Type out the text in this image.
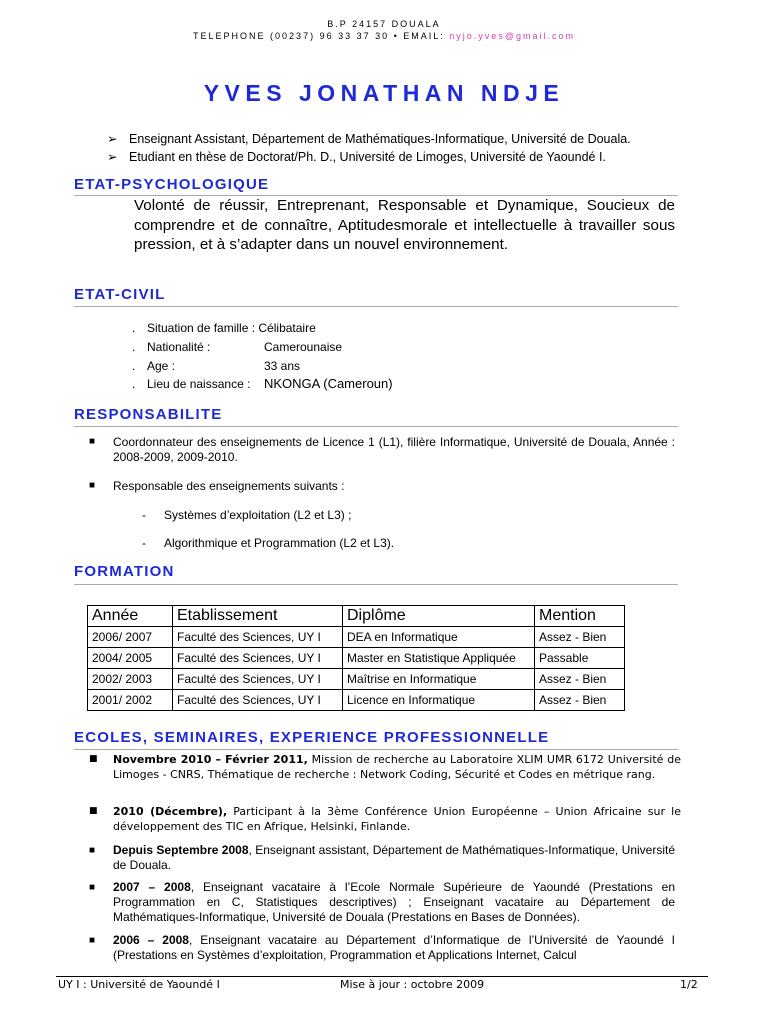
B.P 24157 DOUALA
TELEPHONE (00237) 96 33 37 30 • EMAIL: nyjo.yves@gmail.com
YVES JONATHAN NDJE
➢ Enseignant Assistant, Département de Mathématiques-Informatique, Université de Douala.
➢ Etudiant en thèse de Doctorat/Ph. D., Université de Limoges, Université de Yaoundé I.
ETAT-PSYCHOLOGIQUE
Volonté de réussir, Entreprenant, Responsable et Dynamique, Soucieux de comprendre et de connaître, Aptitudesmorale et intellectuelle à travailler sous pression, et à s’adapter dans un nouvel environnement.
ETAT-CIVIL
. Situation de famille : Célibataire
. Nationalité :	Camerounaise
. Age :	33 ans
. Lieu de naissance : NKONGA (Cameroun)
RESPONSABILITE
■ Coordonnateur des enseignements de Licence 1 (L1), filière Informatique, Université de Douala, Année : 2008-2009, 2009-2010.
■ Responsable des enseignements suivants :
- Systèmes d’exploitation (L2 et L3) ;
- Algorithmique et Programmation (L2 et L3).
FORMATION
Année	Etablissement	Diplôme	Mention
2006/ 2007	Faculté des Sciences, UY I	DEA en Informatique	Assez - Bien
2004/ 2005	Faculté des Sciences, UY I	Master en Statistique Appliquée	Passable
2002/ 2003	Faculté des Sciences, UY I	Maîtrise en Informatique	Assez - Bien
2001/ 2002	Faculté des Sciences, UY I	Licence en Informatique	Assez - Bien
ECOLES, SEMINAIRES, EXPERIENCE PROFESSIONNELLE
■ Novembre 2010 – Février 2011, Mission de recherche au Laboratoire XLIM UMR 6172 Université de Limoges - CNRS, Thématique de recherche : Network Coding, Sécurité et Codes en métrique rang.
■ 2010 (Décembre), Participant à la 3ème Conférence Union Européenne – Union Africaine sur le développement des TIC en Afrique, Helsinki, Finlande.
■ Depuis Septembre 2008, Enseignant assistant, Département de Mathématiques-Informatique, Université de Douala.
■ 2007 – 2008, Enseignant vacataire à l’Ecole Normale Supérieure de Yaoundé (Prestations en Programmation en C, Statistiques descriptives) ; Enseignant vacataire au Département de Mathématiques-Informatique, Université de Douala (Prestations en Bases de Données).
■ 2006 – 2008, Enseignant vacataire au Département d’Informatique de l’Université de Yaoundé I (Prestations en Systèmes d’exploitation, Programmation et Applications Internet, Calcul
UY I : Université de Yaoundé I	Mise à jour : octobre 2009	1/2
